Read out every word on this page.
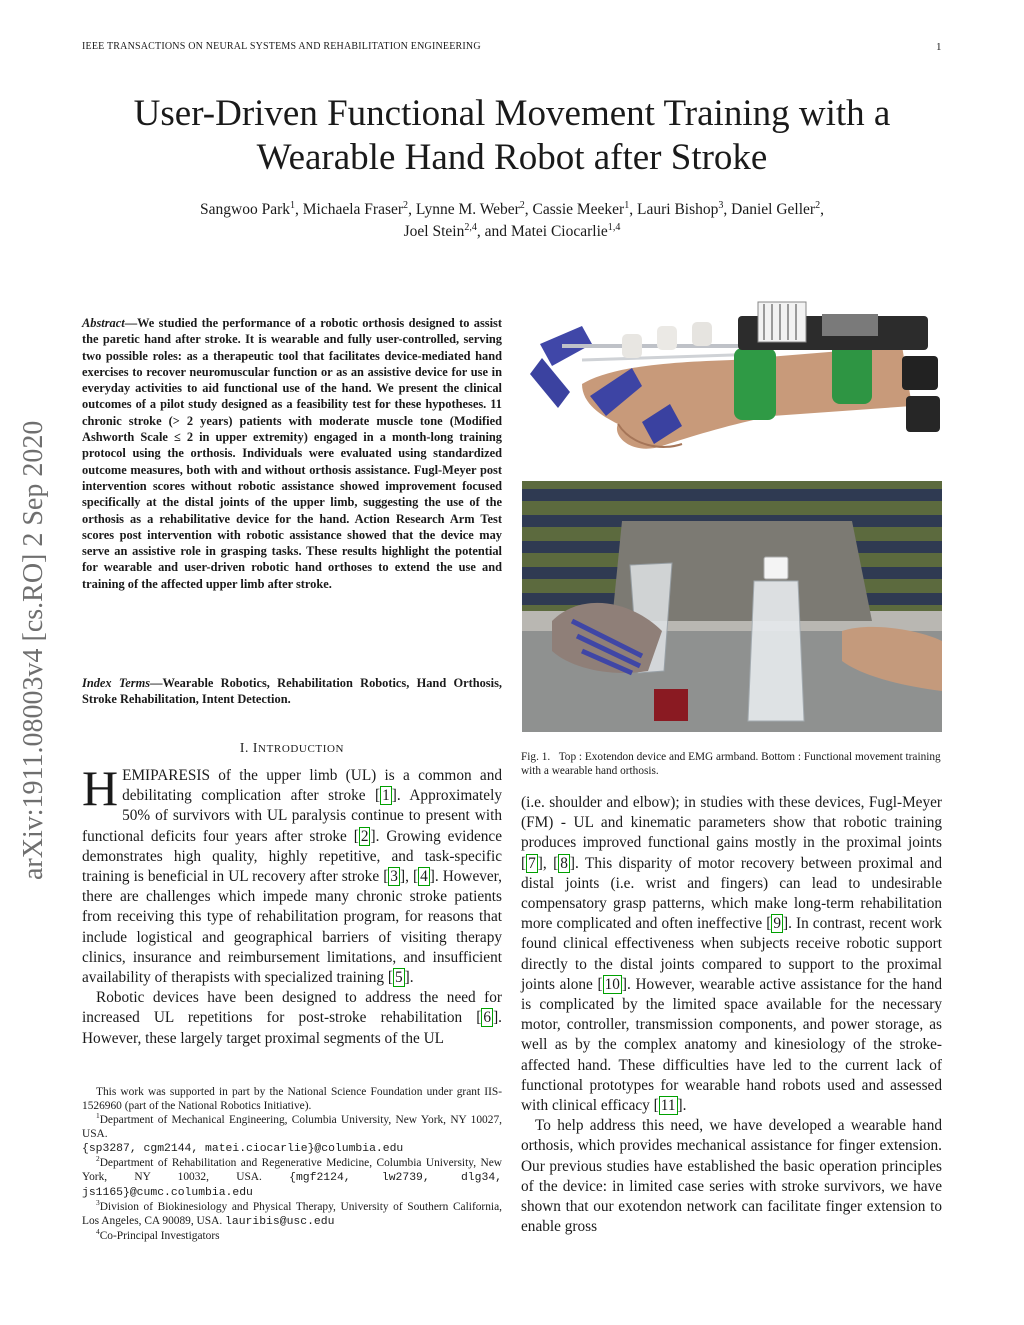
IEEE TRANSACTIONS ON NEURAL SYSTEMS AND REHABILITATION ENGINEERING	1
User-Driven Functional Movement Training with a
Wearable Hand Robot after Stroke
Sangwoo Park$^1$, Michaela Fraser$^2$, Lynne M. Weber$^2$, Cassie Meeker$^1$, Lauri Bishop$^3$, Daniel Geller$^2$,
Joel Stein$^{2,4}$, and Matei Ciocarlie$^{1,4}$
arXiv:1911.08003v4 [cs.RO] 2 Sep 2020
Abstract—We studied the performance of a robotic orthosis designed to assist the paretic hand after stroke. It is wearable and fully user-controlled, serving two possible roles: as a therapeutic tool that facilitates device-mediated hand exercises to recover neuromuscular function or as an assistive device for use in everyday activities to aid functional use of the hand. We present the clinical outcomes of a pilot study designed as a feasibility test for these hypotheses. 11 chronic stroke (> 2 years) patients with moderate muscle tone (Modified Ashworth Scale ≤ 2 in upper extremity) engaged in a month-long training protocol using the orthosis. Individuals were evaluated using standardized outcome measures, both with and without orthosis assistance. Fugl-Meyer post intervention scores without robotic assistance showed improvement focused specifically at the distal joints of the upper limb, suggesting the use of the orthosis as a rehabilitative device for the hand. Action Research Arm Test scores post intervention with robotic assistance showed that the device may serve an assistive role in grasping tasks. These results highlight the potential for wearable and user-driven robotic hand orthoses to extend the use and training of the affected upper limb after stroke.
Index Terms—Wearable Robotics, Rehabilitation Robotics, Hand Orthosis, Stroke Rehabilitation, Intent Detection.
I. INTRODUCTION

HEMIPARESIS of the upper limb (UL) is a common and debilitating complication after stroke [ 1 ]. Approximately 50% of survivors with UL paralysis continue to present with functional deficits four years after stroke [ 2 ]. Growing evidence demonstrates high quality, highly repetitive, and task-specific training is beneficial in UL recovery after stroke [ 3 ], [ 4 ]. However, there are challenges which impede many chronic stroke patients from receiving this type of rehabilitation program, for reasons that include logistical and geographical barriers of visiting therapy clinics, insurance and reimbursement limitations, and insufficient availability of therapists with specialized training [ 5 ].

Robotic devices have been designed to address the need for increased UL repetitions for post-stroke rehabilitation [ 6 ]. However, these largely target proximal segments of the UL

This work was supported in part by the National Science Foundation under grant IIS-1526960 (part of the National Robotics Initiative).

$^1$Department of Mechanical Engineering, Columbia University, New York, NY 10027, USA.

{sp3287, cgm2144, matei.ciocarlie}@columbia.edu

$^2$Department of Rehabilitation and Regenerative Medicine, Columbia University, New York, NY 10032, USA. {mgf2124, lw2739, dlg34, js1165}@cumc.columbia.edu

$^3$Division of Biokinesiology and Physical Therapy, University of Southern California, Los Angeles, CA 90089, USA. lauribis@usc.edu

$^4$Co-Principal Investigators

Fig. 1. Top : Exotendon device and EMG armband. Bottom : Functional movement training with a wearable hand orthosis.

(i.e. shoulder and elbow); in studies with these devices, Fugl-Meyer (FM) - UL and kinematic parameters show that robotic training produces improved functional gains mostly in the proximal joints [ 7 ], [ 8 ]. This disparity of motor recovery between proximal and distal joints (i.e. wrist and fingers) can lead to undesirable compensatory grasp patterns, which make long-term rehabilitation more complicated and often ineffective [ 9 ]. In contrast, recent work found clinical effectiveness when subjects receive robotic support directly to the distal joints compared to support to the proximal joints alone [ 10 ]. However, wearable active assistance for the hand is complicated by the limited space available for the necessary motor, controller, transmission components, and power storage, as well as by the complex anatomy and kinesiology of the stroke-affected hand. These difficulties have led to the current lack of functional prototypes for wearable hand robots used and assessed with clinical efficacy [ 11 ].

To help address this need, we have developed a wearable hand orthosis, which provides mechanical assistance for finger extension. Our previous studies have established the basic operation principles of the device: in limited case series with stroke survivors, we have shown that our exotendon network can facilitate finger extension to enable gross
